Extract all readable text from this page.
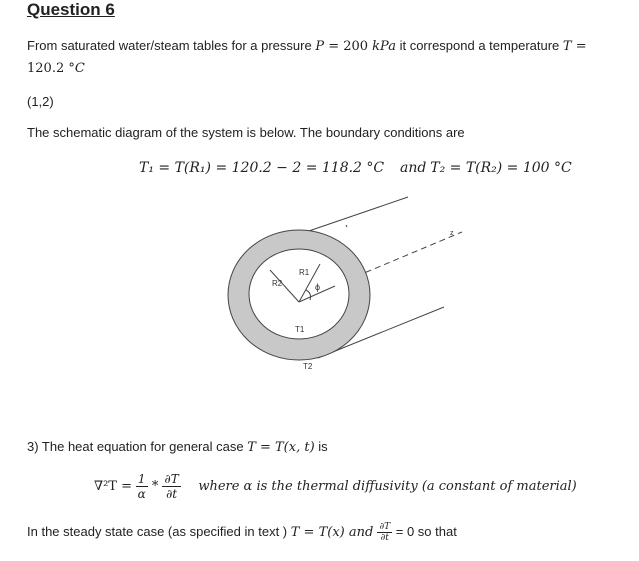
Question 6
From saturated water/steam tables for a pressure P = 200 kPa it correspond a temperature T =
120.2 °C
(1,2)
The schematic diagram of the system is below. The boundary conditions are
T₁ = T(R₁) = 120.2 − 2 = 118.2 °C and T₂ = T(R₂) = 100 °C
R1
R2	ϕ
T1
T2
z
3) The heat equation for general case T = T(x, t) is
$\nabla^2T = \frac{1}{\alpha} * \frac{\partial T}{\partial t}$ where α is the thermal diffusivity (a constant of material)
In the steady state case (as specified in text ) T = T(x) and $\frac{\partial T}{\partial t} = 0$ so that
